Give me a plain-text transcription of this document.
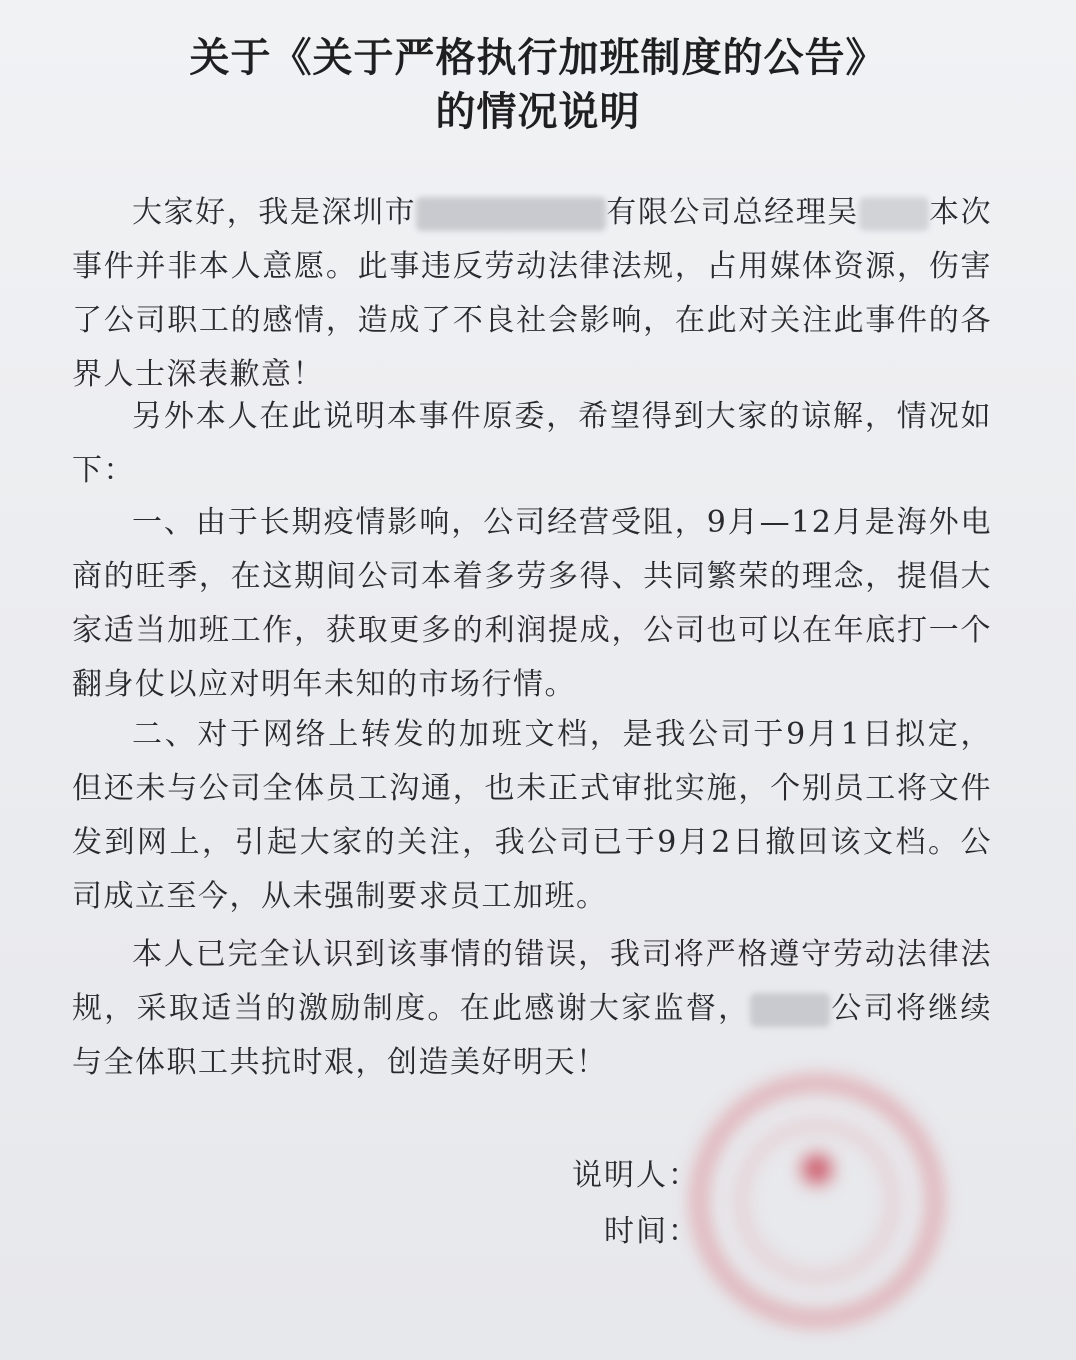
关于《关于严格执行加班制度的公告》
的情况说明
大家好，我是深圳市	有限公司总经理吴 本次事件并非本人意愿。此事违反劳动法律法规，占用媒体资源，伤害了公司职工的感情，造成了不良社会影响，在此对关注此事件的各界人士深表歉意！
另外本人在此说明本事件原委，希望得到大家的谅解，情况如下：
一、由于长期疫情影响，公司经营受阻，9月—12月是海外电商的旺季，在这期间公司本着多劳多得、共同繁荣的理念，提倡大家适当加班工作，获取更多的利润提成，公司也可以在年底打一个翻身仗以应对明年未知的市场行情。
二、对于网络上转发的加班文档，是我公司于9月1日拟定，但还未与公司全体员工沟通，也未正式审批实施，个别员工将文件发到网上，引起大家的关注，我公司已于9月2日撤回该文档。公司成立至今，从未强制要求员工加班。
本人已完全认识到该事情的错误，我司将严格遵守劳动法律法规，采取适当的激励制度。在此感谢大家监督，	公司将继续与全体职工共抗时艰，创造美好明天！
说明人：
时间：
